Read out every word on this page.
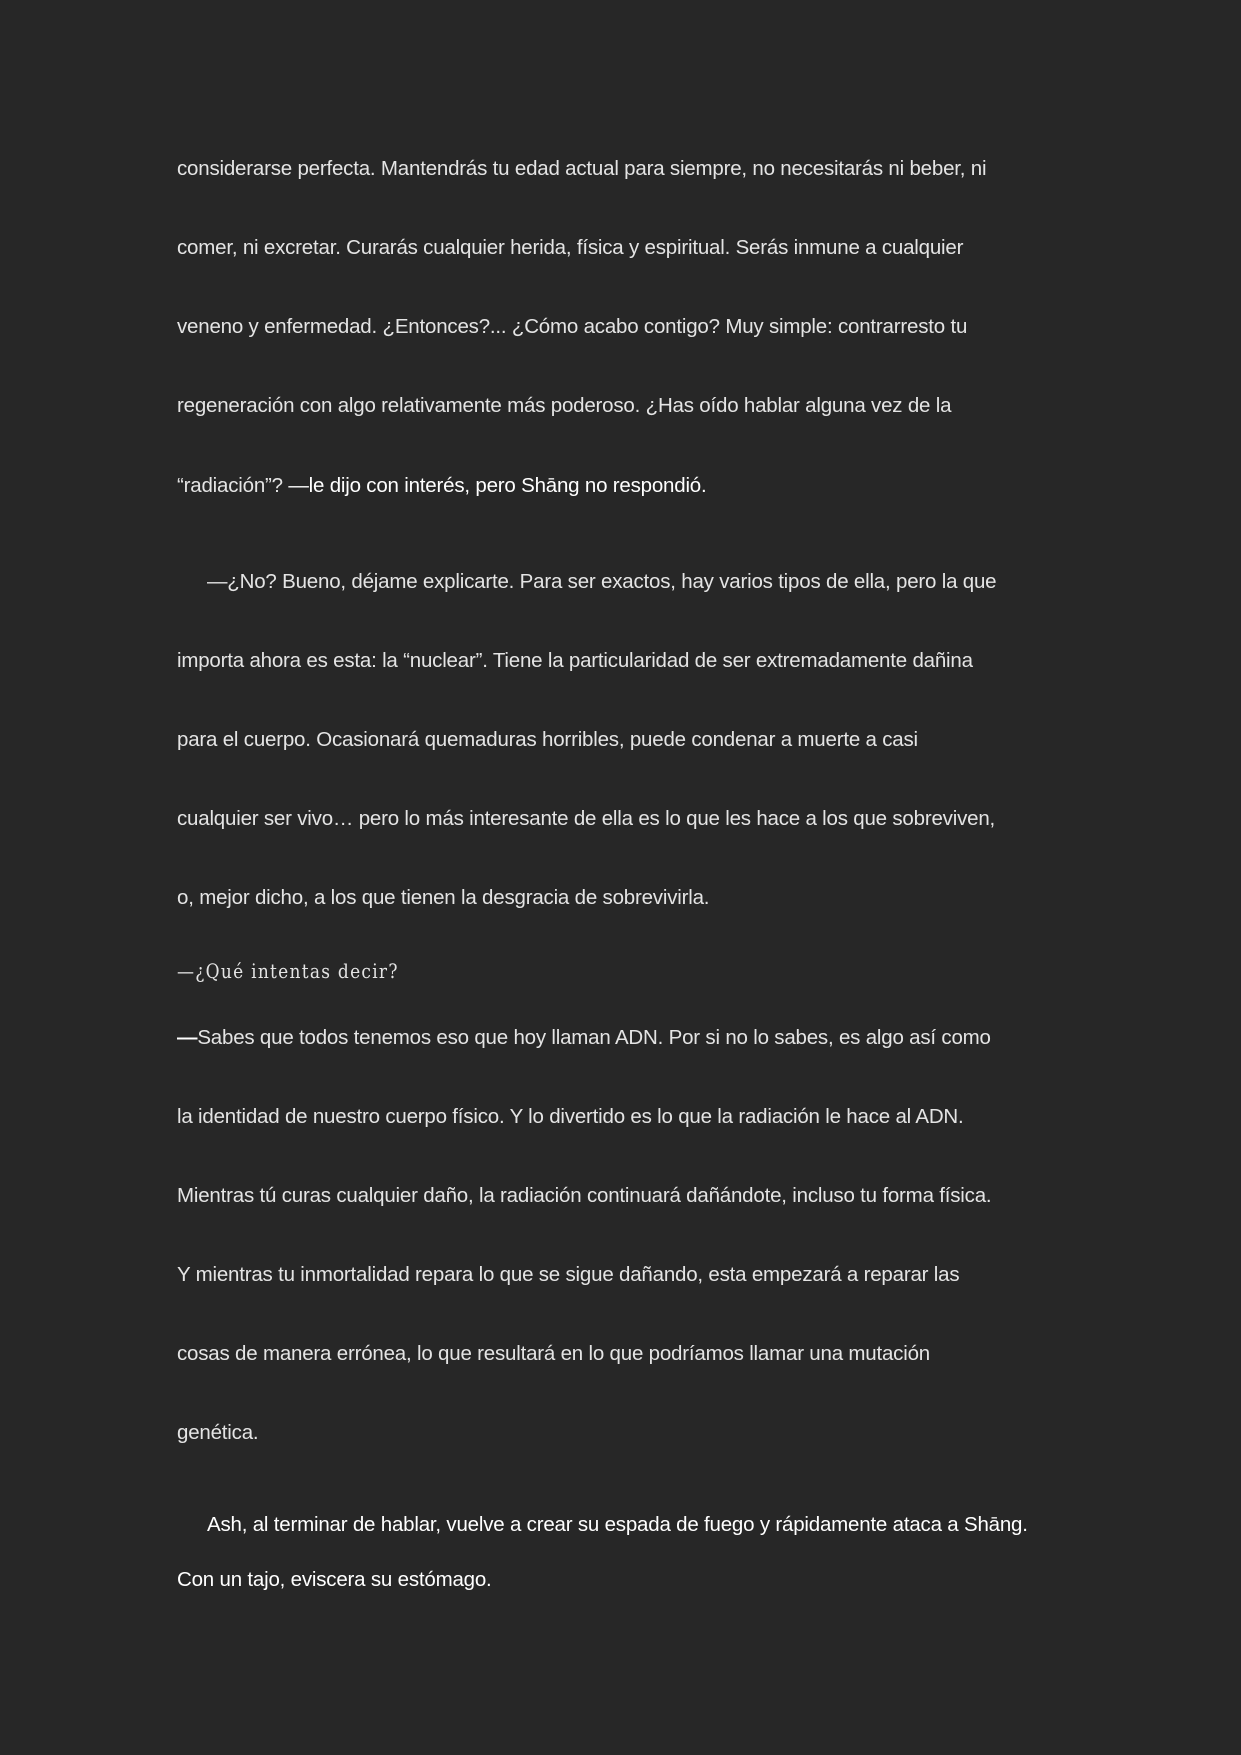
considerarse perfecta. Mantendrás tu edad actual para siempre, no necesitarás ni beber, ni
comer, ni excretar. Curarás cualquier herida, física y espiritual. Serás inmune a cualquier
veneno y enfermedad. ¿Entonces?... ¿Cómo acabo contigo? Muy simple: contrarresto tu
regeneración con algo relativamente más poderoso. ¿Has oído hablar alguna vez de la
“radiación”? —le dijo con interés, pero Shāng no respondió.
—¿No? Bueno, déjame explicarte. Para ser exactos, hay varios tipos de ella, pero la que
importa ahora es esta: la “nuclear”. Tiene la particularidad de ser extremadamente dañina
para el cuerpo. Ocasionará quemaduras horribles, puede condenar a muerte a casi
cualquier ser vivo… pero lo más interesante de ella es lo que les hace a los que sobreviven,
o, mejor dicho, a los que tienen la desgracia de sobrevivirla.
—¿Qué intentas decir?
—Sabes que todos tenemos eso que hoy llaman ADN. Por si no lo sabes, es algo así como
la identidad de nuestro cuerpo físico. Y lo divertido es lo que la radiación le hace al ADN.
Mientras tú curas cualquier daño, la radiación continuará dañándote, incluso tu forma física.
Y mientras tu inmortalidad repara lo que se sigue dañando, esta empezará a reparar las
cosas de manera errónea, lo que resultará en lo que podríamos llamar una mutación
genética.
Ash, al terminar de hablar, vuelve a crear su espada de fuego y rápidamente ataca a Shāng.
Con un tajo, eviscera su estómago.
